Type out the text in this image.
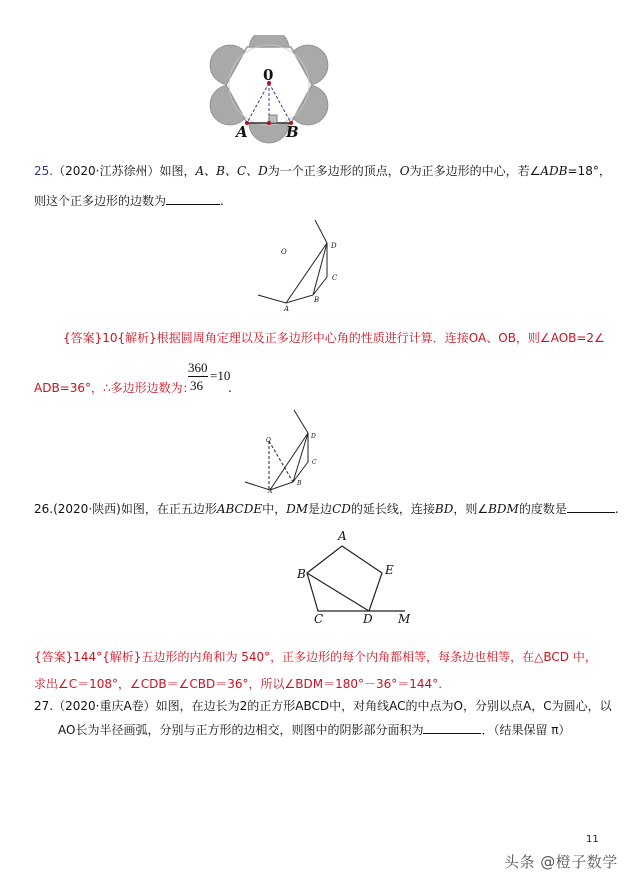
0
A	B
25.（2020·江苏徐州）如图，A、B、C、D为一个正多边形的顶点，O为正多边形的中心，若∠ADB=18°，
则这个正多边形的边数为	.
O
D
C
B
A
{答案}10{解析}根据圆周角定理以及正多边形中心角的性质进行计算．连接OA、OB，则∠AOB=2∠
ADB=36°，∴多边形边数为：
360
36
=10
.
O
D
C
B
A
26.(2020·陕西)如图，在正五边形ABCDE中，DM是边CD的延长线，连接BD，则∠BDM的度数是	.
A
B	E
C	D M
{答案}144°{解析}五边形的内角和为 540°，正多边形的每个内角都相等，每条边也相等，在△BCD 中，
求出∠C＝108°，∠CDB＝∠CBD＝36°，所以∠BDM＝180°－36°＝144°.
27.（2020·重庆A卷）如图，在边长为2的正方形ABCD中，对角线AC的中点为O，分别以点A，C为圆心，以
AO长为半径画弧，分别与正方形的边相交，则图中的阴影部分面积为	．（结果保留 π）
11
头条 @橙子数学
